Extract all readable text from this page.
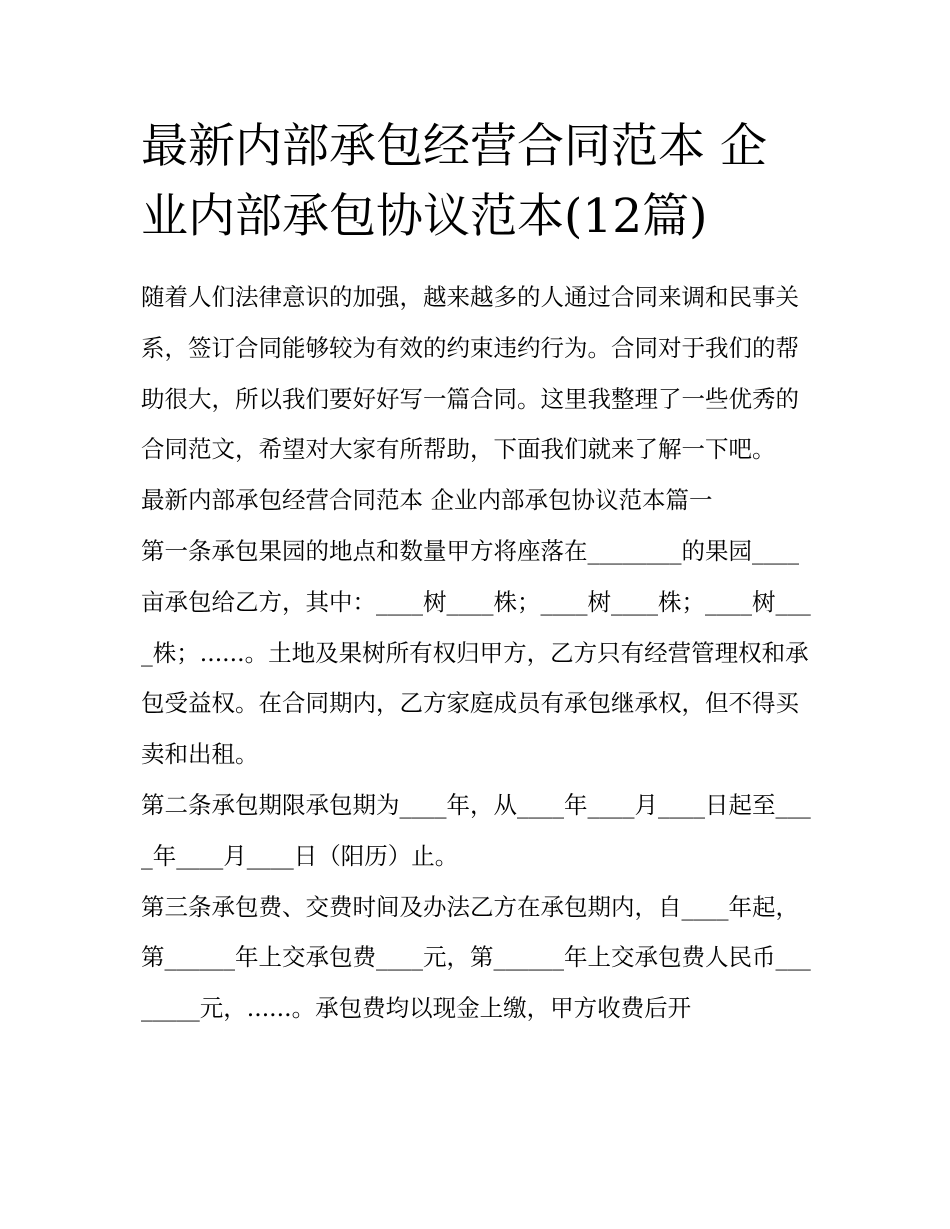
最新内部承包经营合同范本 企业内部承包协议范本(12篇)

随着人们法律意识的加强，越来越多的人通过合同来调和民事关系，签订合同能够较为有效的约束违约行为。合同对于我们的帮助很大，所以我们要好好写一篇合同。这里我整理了一些优秀的合同范文，希望对大家有所帮助，下面我们就来了解一下吧。

最新内部承包经营合同范本 企业内部承包协议范本篇一

第一条承包果园的地点和数量甲方将座落在________的果园____亩承包给乙方，其中：____树____株；____树____株；____树____株；......。土地及果树所有权归甲方，乙方只有经营管理权和承包受益权。在合同期内，乙方家庭成员有承包继承权，但不得买卖和出租。

第二条承包期限承包期为____年，从____年____月____日起至____年____月____日（阳历）止。

第三条承包费、交费时间及办法乙方在承包期内，自____年起，第______年上交承包费____元，第______年上交承包费人民币________元，......。承包费均以现金上缴，甲方收费后开
